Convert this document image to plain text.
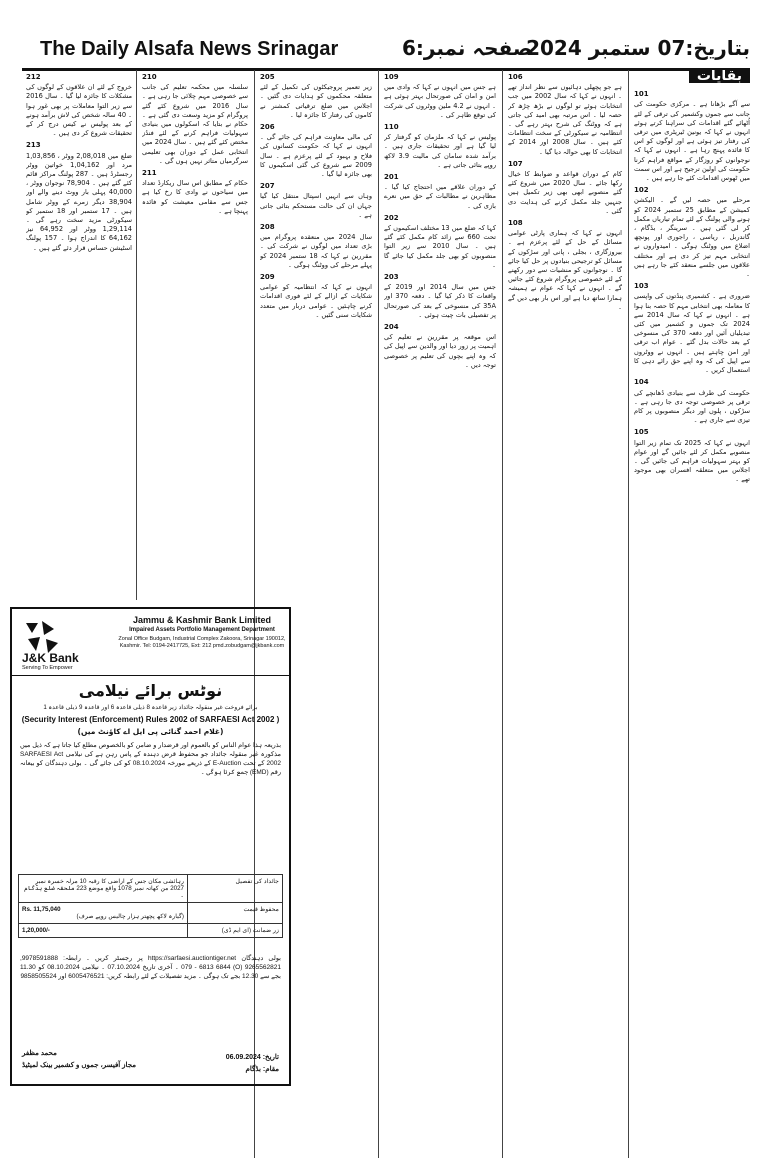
The Daily Alsafa News Srinagar	صفحہ نمبر:6
بتاریخ:07 ستمبر 2024
بقایات
101

سے آگے بڑھانا ہے ۔ مرکزی حکومت کی جانب سے جموں وکشمیر کی ترقی کے لئے اُٹھائے گئے اقدامات کی سراہنا کرتے ہوئے انہوں نے کہا کہ یونین ٹیریٹری میں ترقی کی رفتار تیز ہوئی ہے اور لوگوں کو اس کا فائدہ پہنچ رہا ہے ۔ انہوں نے کہا کہ نوجوانوں کو روزگار کے مواقع فراہم کرنا حکومت کی اولین ترجیح ہے اور اس سمت میں ٹھوس اقدامات کئے جا رہے ہیں ۔

102

مرحلے میں حصہ لیں گے ۔ الیکشن کمیشن کے مطابق 25 ستمبر 2024 کو ہونے والی پولنگ کے لئے تمام تیاریاں مکمل کر لی گئی ہیں ۔ سرینگر ، بڈگام ، گاندربل ، ریاسی ، راجوری اور پونچھ اضلاع میں ووٹنگ ہوگی ۔ امیدواروں نے انتخابی مہم تیز کر دی ہے اور مختلف علاقوں میں جلسے منعقد کئے جا رہے ہیں ۔

103

ضروری ہے ۔ کشمیری پنڈتوں کی واپسی کا معاملہ بھی انتخابی مہم کا حصہ بنا ہوا ہے ۔ انہوں نے کہا کہ سال 2014 سے 2024 تک جموں و کشمیر میں کئی تبدیلیاں آئیں اور دفعہ 370 کی منسوخی کے بعد حالات بدل گئے ۔ عوام اب ترقی اور امن چاہتے ہیں ۔ انہوں نے ووٹروں سے اپیل کی کہ وہ اپنے حق رائے دہی کا استعمال کریں ۔

104

حکومت کی طرف سے بنیادی ڈھانچے کی ترقی پر خصوصی توجہ دی جا رہی ہے ۔ سڑکوں ، پلوں اور دیگر منصوبوں پر کام تیزی سے جاری ہے ۔

105

انہوں نے کہا کہ 2025 تک تمام زیر التوا منصوبے مکمل کر لئے جائیں گے اور عوام کو بہتر سہولیات فراہم کی جائیں گی ۔ اجلاس میں متعلقہ افسران بھی موجود تھے ۔

106

ہے جو پچھلی دہائیوں سے نظر انداز تھے ۔ انہوں نے کہا کہ سال 2002 میں جب انتخابات ہوئے تو لوگوں نے بڑھ چڑھ کر حصہ لیا ۔ اس مرتبہ بھی امید کی جاتی ہے کہ ووٹنگ کی شرح بہتر رہے گی ۔ انتظامیہ نے سیکورٹی کے سخت انتظامات کئے ہیں ۔ سال 2008 اور 2014 کے انتخابات کا بھی حوالہ دیا گیا ۔

107

کام کے دوران قواعد و ضوابط کا خیال رکھا جائے ۔ سال 2020 میں شروع کئے گئے منصوبے ابھی بھی زیر تکمیل ہیں جنہیں جلد مکمل کرنے کی ہدایت دی گئی ۔

108

انہوں نے کہا کہ ہماری پارٹی عوامی مسائل کے حل کے لئے پرعزم ہے ۔ بیروزگاری ، بجلی ، پانی اور سڑکوں کے مسائل کو ترجیحی بنیادوں پر حل کیا جائے گا ۔ نوجوانوں کو منشیات سے دور رکھنے کے لئے خصوصی پروگرام شروع کئے جائیں گے ۔ انہوں نے کہا کہ عوام نے ہمیشہ ہمارا ساتھ دیا ہے اور اس بار بھی دیں گے ۔

109

ہے جس میں انہوں نے کہا کہ وادی میں امن و امان کی صورتحال بہتر ہوئی ہے ۔ انہوں نے 4.2 ملین ووٹروں کی شرکت کی توقع ظاہر کی ۔

110

پولیس نے کہا کہ ملزمان کو گرفتار کر لیا گیا ہے اور تحقیقات جاری ہیں ۔ برآمد شدہ سامان کی مالیت 3.9 لاکھ روپے بتائی جاتی ہے ۔

201

کے دوران علاقے میں احتجاج کیا گیا ۔ مظاہرین نے مطالبات کے حق میں نعرے بازی کی ۔

202

کہا کہ ضلع میں 13 مختلف اسکیموں کے تحت 660 سے زائد کام مکمل کئے گئے ہیں ۔ سال 2010 سے زیر التوا منصوبوں کو بھی جلد مکمل کیا جائے گا ۔

203

جس میں سال 2014 اور 2019 کے واقعات کا ذکر کیا گیا ۔ دفعہ 370 اور 35A کی منسوخی کے بعد کی صورتحال پر تفصیلی بات چیت ہوئی ۔

204

اس موقعہ پر مقررین نے تعلیم کی اہمیت پر زور دیا اور والدین سے اپیل کی کہ وہ اپنے بچوں کی تعلیم پر خصوصی توجہ دیں ۔

205

زیر تعمیر پروجیکٹوں کی تکمیل کے لئے متعلقہ محکموں کو ہدایات دی گئیں ۔ اجلاس میں ضلع ترقیاتی کمشنر نے کاموں کی رفتار کا جائزہ لیا ۔

206

کی مالی معاونت فراہم کی جائے گی ۔ انہوں نے کہا کہ حکومت کسانوں کی فلاح و بہبود کے لئے پرعزم ہے ۔ سال 2009 سے شروع کی گئی اسکیموں کا بھی جائزہ لیا گیا ۔

207

وہاں سے انہیں اسپتال منتقل کیا گیا جہاں ان کی حالت مستحکم بتائی جاتی ہے ۔

208

سال 2024 میں منعقدہ پروگرام میں بڑی تعداد میں لوگوں نے شرکت کی ۔ مقررین نے کہا کہ 18 ستمبر 2024 کو پہلے مرحلے کی ووٹنگ ہوگی ۔

209

انہوں نے کہا کہ انتظامیہ کو عوامی شکایات کے ازالے کے لئے فوری اقدامات کرنے چاہئیں ۔ عوامی دربار میں متعدد شکایات سنی گئیں ۔

210

سلسلہ میں محکمہ تعلیم کی جانب سے خصوصی مہم چلائی جا رہی ہے ۔ سال 2016 میں شروع کئے گئے پروگرام کو مزید وسعت دی گئی ہے ۔ حکام نے بتایا کہ اسکولوں میں بنیادی سہولیات فراہم کرنے کے لئے فنڈز مختص کئے گئے ہیں ۔ سال 2024 میں انتخابی عمل کے دوران بھی تعلیمی سرگرمیاں متاثر نہیں ہوں گی ۔

211

حکام کے مطابق اس سال ریکارڈ تعداد میں سیاحوں نے وادی کا رخ کیا ہے جس سے مقامی معیشت کو فائدہ پہنچا ہے ۔

212

خروج کے لئے ان علاقوں کے لوگوں کی مشکلات کا جائزہ لیا گیا ۔ سال 2016 سے زیر التوا معاملات پر بھی غور ہوا ۔ 40 سالہ شخص کی لاش برآمد ہونے کے بعد پولیس نے کیس درج کر کے تحقیقات شروع کر دی ہیں ۔

213

ضلع میں 2,08,018 ووٹر ، 1,03,856 مرد اور 1,04,162 خواتین ووٹر رجسٹرڈ ہیں ۔ 287 پولنگ مراکز قائم کئے گئے ہیں ۔ 78,904 نوجوان ووٹر ، 40,000 پہلی بار ووٹ دینے والے اور 38,904 دیگر زمرے کے ووٹر شامل ہیں ۔ 17 ستمبر اور 18 ستمبر کو سیکورٹی مزید سخت رہے گی ۔ 1,29,114 ووٹر اور 64,952 نیز 64,162 کا اندراج ہوا ۔ 157 پولنگ اسٹیشن حساس قرار دئے گئے ہیں ۔

J&K Bank
Serving To Empower
Jammu & Kashmir Bank Limited
Impaired Assets Portfolio Management Department
Zonal Office Budgam, Industrial Complex Zakoora, Srinagar 190012, Kashmir. Tel: 0194-2417725, Ext: 212 pmd.zobudgam@jkbank.com
نوٹس برائے نیلامی
برائے فروخت غیر منقولہ جائداد زیر قاعدہ 8 ذیلی قاعدہ 6 اور قاعدہ 9 ذیلی قاعدہ 1
(Security Interest (Enforcement) Rules 2002 of SARFAESI Act 2002 )
(غلام احمد گنائی پی ایل اے کاؤنٹ میں)
بذریعہ ہذا عوام الناس کو بالعموم اور قرضدار و ضامن کو بالخصوص مطلع کیا جاتا ہے کہ ذیل میں مذکورہ غیر منقولہ جائداد جو محفوظ قرض دہندہ کے پاس رہن ہے کی نیلامی SARFAESI Act 2002 کے تحت E-Auction کے ذریعے مورخہ 08.10.2024 کو کی جائے گی ۔ بولی دہندگان کو بیعانہ رقم (EMD) جمع کرنا ہوگی ۔
جائداد کی تفصیل	رہائشی مکان جس کے اراضی کا رقبہ 10 مرلہ خسرہ نمبر 2027 من کھاتہ نمبر 1078 واقع موضع 223 ملحقہ ضلع بڈگام ۔
محفوظ قیمت	Rs. 11,75,040
(گیارہ لاکھ پچھتر ہزار چالیس روپے صرف)

زر ضمانت (ای ایم ڈی)	1,20,000/-
بولی دہندگان https://sarfaesi.auctiontiger.net پر رجسٹر کریں ۔ رابطہ: 9978591888, 9265562821 (O) 079 - 6813 6844 ۔ آخری تاریخ 07.10.2024 ۔ نیلامی 08.10.2024 کو 11.30 بجے سے 12.30 بجے تک ہوگی ۔ مزید تفصیلات کے لئے رابطہ کریں: 6005476521 اور 9858505524
محمد مظفر
مجاز آفیسر، جموں و کشمیر بینک لمیٹیڈ
تاریخ: 06.09.2024
مقام: بڈگام
